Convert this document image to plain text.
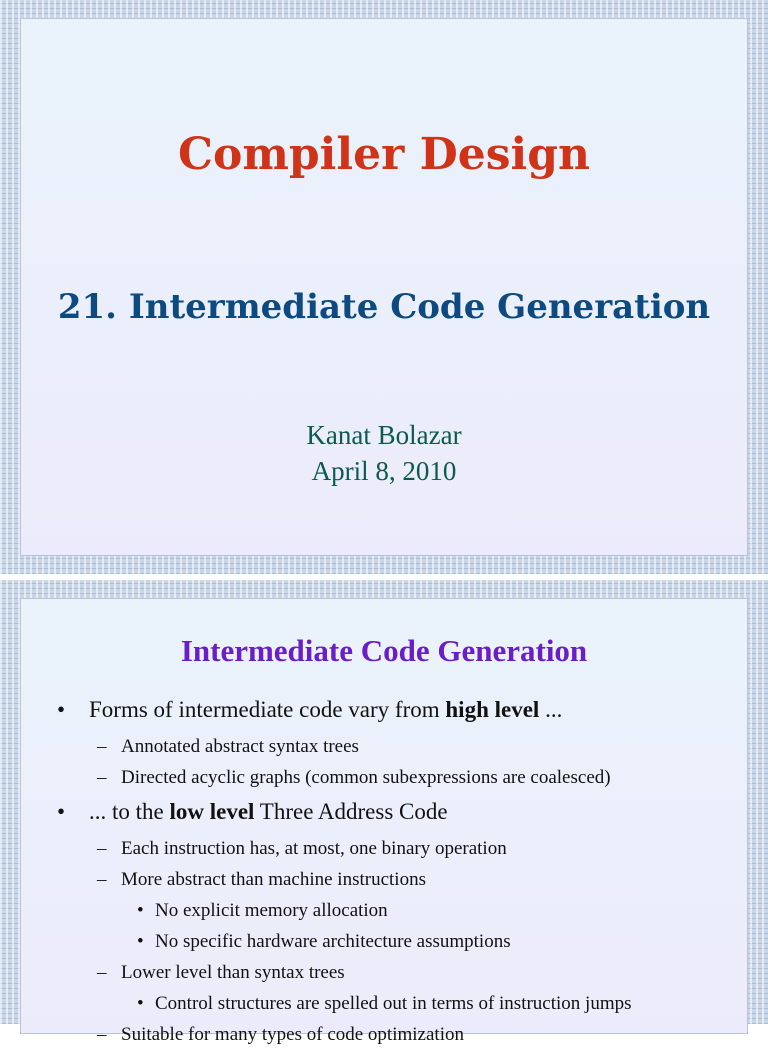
Compiler Design
21. Intermediate Code Generation
Kanat Bolazar
April 8, 2010
Intermediate Code Generation
• Forms of intermediate code vary from high level ...
– Annotated abstract syntax trees
– Directed acyclic graphs (common subexpressions are coalesced)
• ... to the low level Three Address Code
– Each instruction has, at most, one binary operation
– More abstract than machine instructions
• No explicit memory allocation
• No specific hardware architecture assumptions
– Lower level than syntax trees
• Control structures are spelled out in terms of instruction jumps
– Suitable for many types of code optimization
